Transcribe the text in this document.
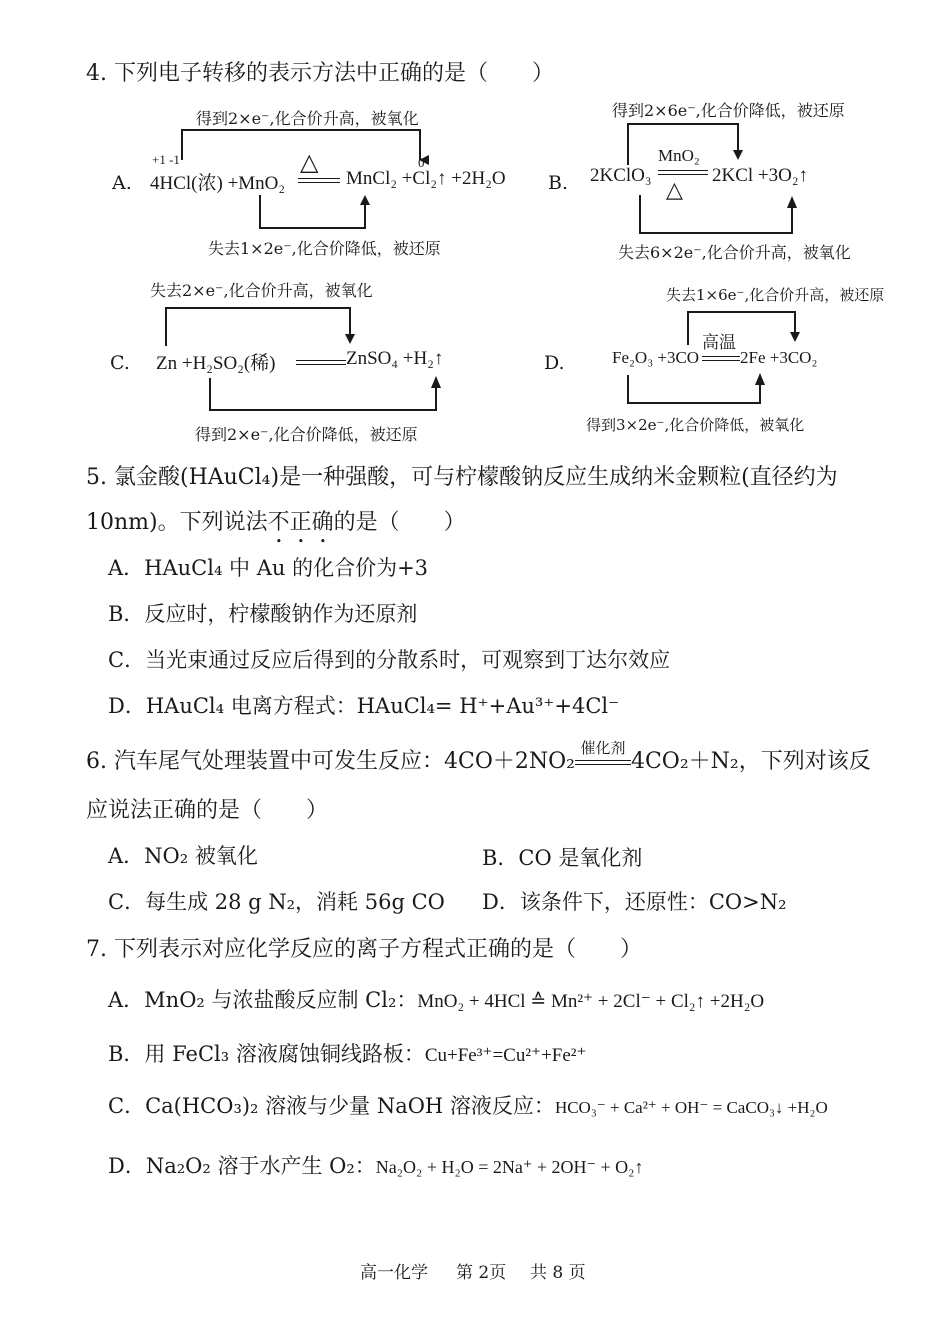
4. 下列电子转移的表示方法中正确的是（　　）
得到2×e⁻,化合价升高，被氧化
+1 -1	0
A. 4HCl(浓) +MnO₂
△
MnCl₂ +Cl₂↑ +2H₂O
失去1×2e⁻,化合价降低，被还原
得到2×6e⁻,化合价降低，被还原
B. 2KClO₃
MnO₂
△
2KCl +3O₂↑
失去6×2e⁻,化合价升高，被氧化
失去2×e⁻,化合价升高，被氧化
C. Zn +H₂SO₂(稀)	ZnSO₄ +H₂↑
得到2×e⁻,化合价降低，被还原
失去1×6e⁻,化合价升高，被还原
D.	Fe₂O₃ +3CO
高温
2Fe +3CO₂
得到3×2e⁻,化合价降低，被氧化
5. 氯金酸(HAuCl₄)是一种强酸，可与柠檬酸钠反应生成纳米金颗粒(直径约为
10nm)。下列说法不正确的是（　　）
A．HAuCl₄ 中 Au 的化合价为+3
B．反应时，柠檬酸钠作为还原剂
C．当光束通过反应后得到的分散系时，可观察到丁达尔效应
D．HAuCl₄ 电离方程式：HAuCl₄= H⁺+Au³⁺+4Cl⁻
6. 汽车尾气处理装置中可发生反应：4CO＋2NO₂
催化剂
4CO₂＋N₂，下列对该反
应说法正确的是（　　）
A．NO₂ 被氧化	B．CO 是氧化剂
C．每生成 28 g N₂，消耗 56g CO D．该条件下，还原性：CO>N₂
7. 下列表示对应化学反应的离子方程式正确的是（　　）
A．MnO₂ 与浓盐酸反应制 Cl₂：MnO₂ + 4HCl ≙ Mn²⁺ + 2Cl⁻ + Cl₂↑ +2H₂O
B．用 FeCl₃ 溶液腐蚀铜线路板：Cu+Fe³⁺=Cu²⁺+Fe²⁺
C．Ca(HCO₃)₂ 溶液与少量 NaOH 溶液反应：HCO₃⁻ + Ca²⁺ + OH⁻ = CaCO₃↓ +H₂O
D．Na₂O₂ 溶于水产生 O₂：Na₂O₂ + H₂O = 2Na⁺ + 2OH⁻ + O₂↑
高一化学 第 2页 共 8 页
